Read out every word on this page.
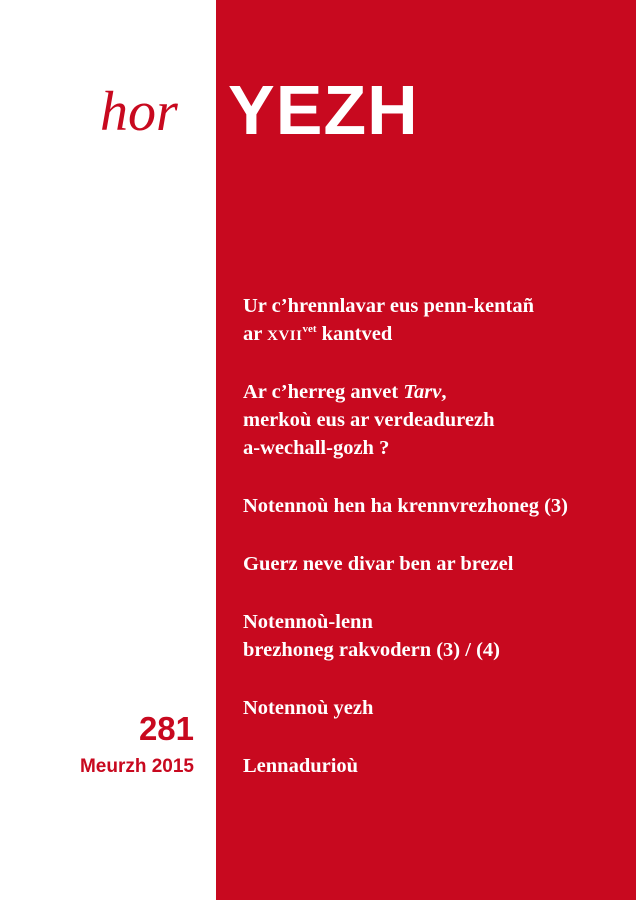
hor YEZH
281
Meurzh 2015
Ur c’hrennlavar eus penn-kentañ
ar $XVII^{vet}$ kantved
Ar c’herreg anvet Tarv,
merkoù eus ar verdeadurezh
a-wechall-gozh ?
Notennoù hen ha krennvrezhoneg (3)
Guerz neve divar ben ar brezel
Notennoù-lenn
brezhoneg rakvodern (3) / (4)
Notennoù yezh
Lennadurioù
